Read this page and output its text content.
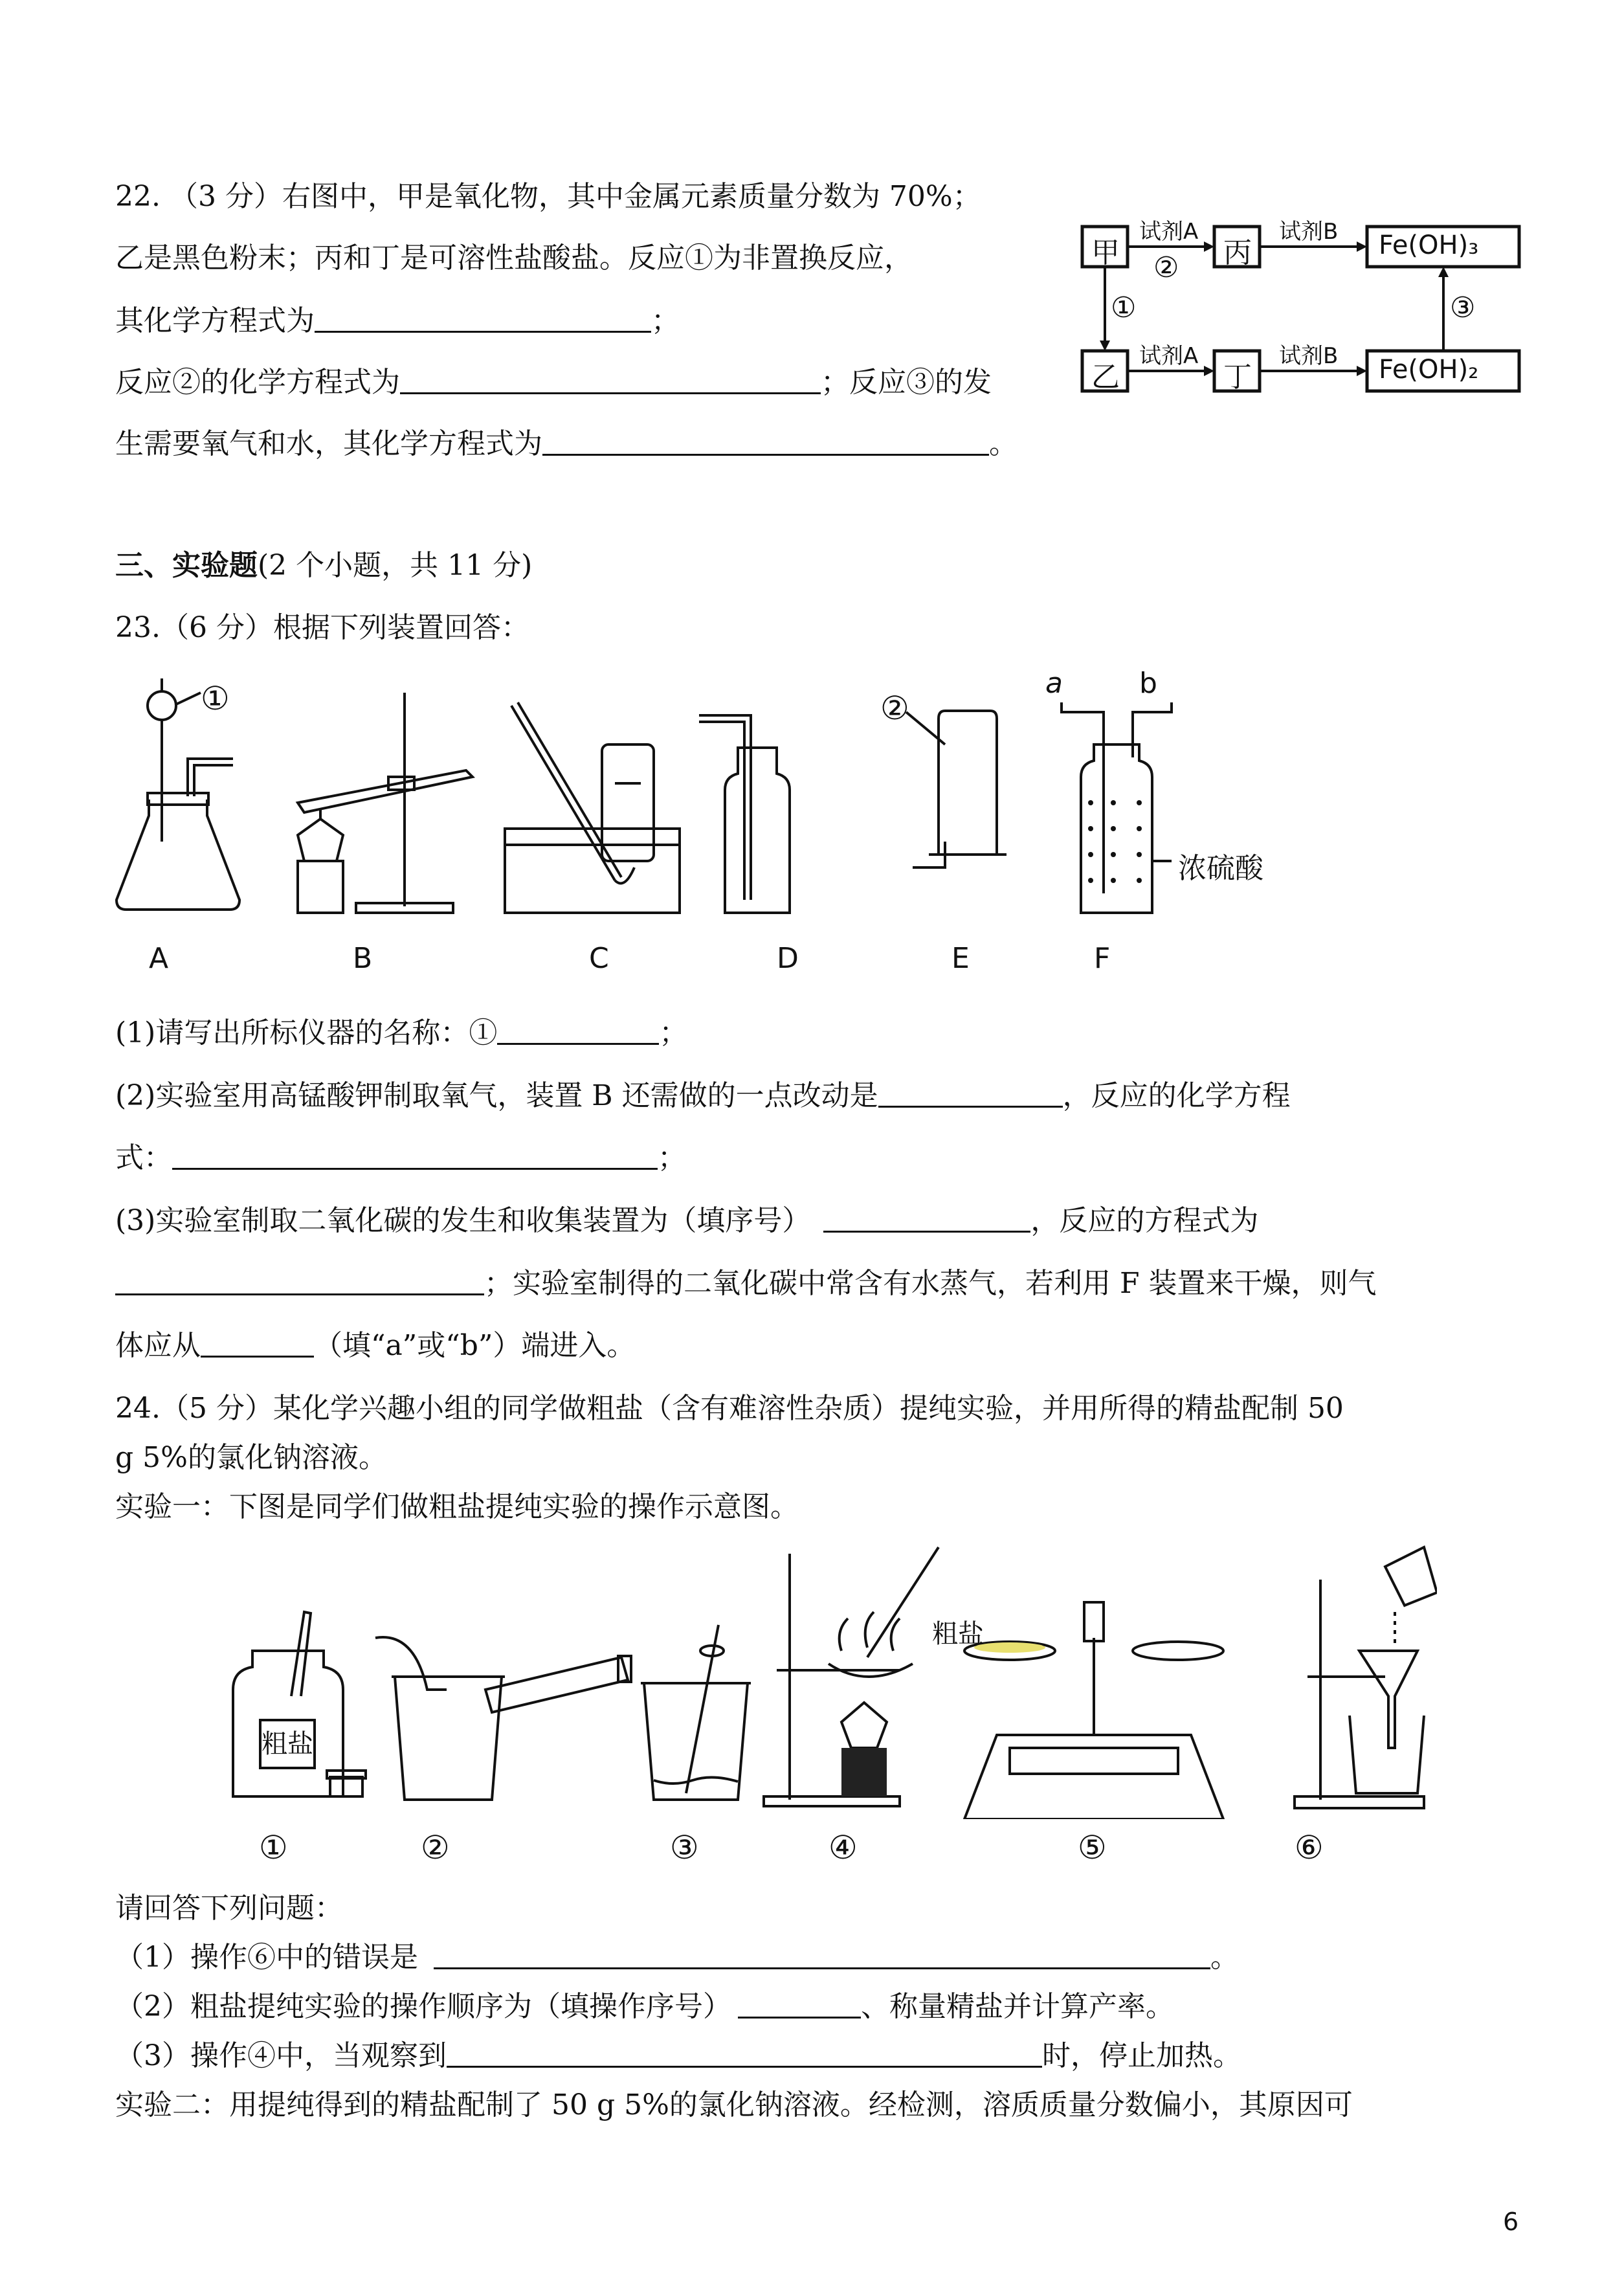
22. （3 分）右图中，甲是氧化物，其中金属元素质量分数为 70%；
乙是黑色粉末；丙和丁是可溶性盐酸盐。反应①为非置换反应，
其化学方程式为	；
反应②的化学方程式为	；反应③的发
生需要氧气和水，其化学方程式为	。
甲	丙	Fe(OH)₃
乙	丁	Fe(OH)₂
试剂A	试剂B
试剂A	试剂B
②
①	③
三、实验题(2 个小题，共 11 分)
23.（6 分）根据下列装置回答：
①	②
a	b
浓硫酸
A	B	C	D	E	F
(1)请写出所标仪器的名称：①	；
(2)实验室用高锰酸钾制取氧气，装置 B 还需做的一点改动是	，反应的化学方程
式：	；
(3)实验室制取二氧化碳的发生和收集装置为（填序号）	，反应的方程式为
；实验室制得的二氧化碳中常含有水蒸气，若利用 F 装置来干燥，则气
体应从	（填“a”或“b”）端进入。
24.（5 分）某化学兴趣小组的同学做粗盐（含有难溶性杂质）提纯实验，并用所得的精盐配制 50
g 5%的氯化钠溶液。
实验一：下图是同学们做粗盐提纯实验的操作示意图。
粗盐
粗盐
①	②	③	④	⑤	⑥
请回答下列问题：
（1）操作⑥中的错误是	。
（2）粗盐提纯实验的操作顺序为（填操作序号）	、称量精盐并计算产率。
（3）操作④中，当观察到	时，停止加热。
实验二：用提纯得到的精盐配制了 50 g 5%的氯化钠溶液。经检测，溶质质量分数偏小，其原因可
6
